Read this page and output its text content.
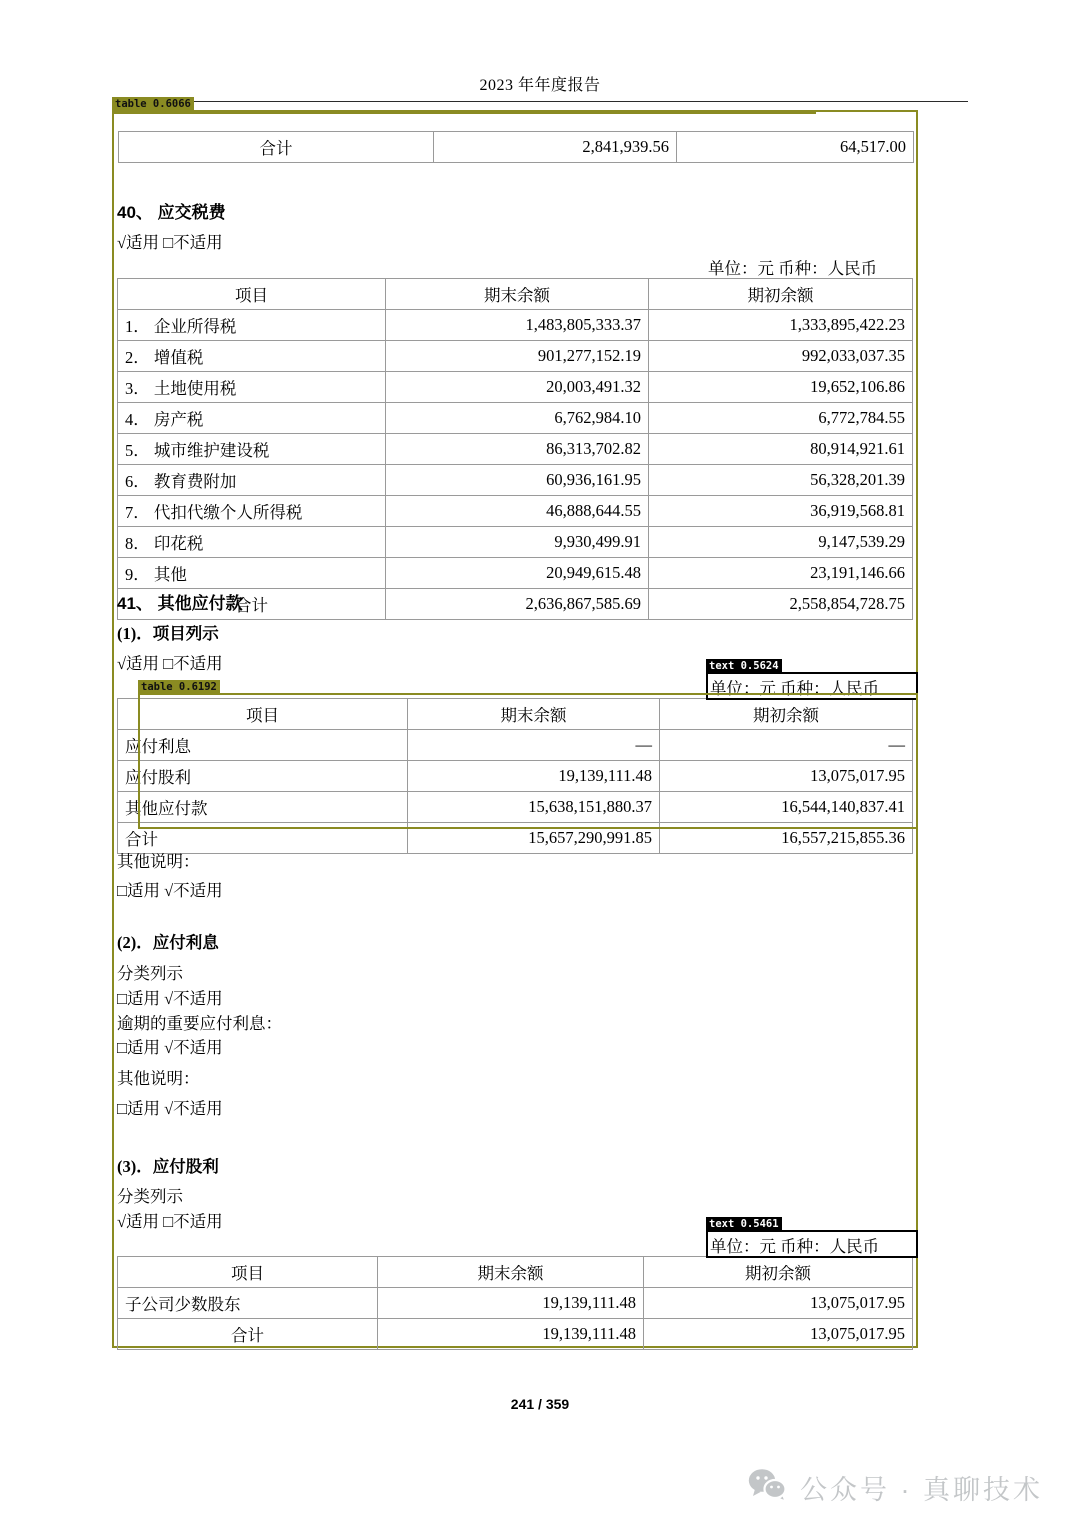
2023 年年度报告
table 0.6066
合计	2,841,939.56	64,517.00
40、 应交税费
√适用 □不适用
单位：元 币种：人民币
项目	期末余额	期初余额
1． 企业所得税	1,483,805,333.37	1,333,895,422.23
2． 增值税	901,277,152.19	992,033,037.35
3． 土地使用税	20,003,491.32	19,652,106.86
4． 房产税	6,762,984.10	6,772,784.55
5． 城市维护建设税	86,313,702.82	80,914,921.61
6． 教育费附加	60,936,161.95	56,328,201.39
7． 代扣代缴个人所得税	46,888,644.55	36,919,568.81
8． 印花税	9,930,499.91	9,147,539.29
9． 其他	20,949,615.48	23,191,146.66
合计	2,636,867,585.69	2,558,854,728.75
41、 其他应付款
(1)．项目列示
√适用 □不适用
单位：元 币种：人民币
项目	期末余额	期初余额
应付利息	—	—
应付股利	19,139,111.48	13,075,017.95
其他应付款	15,638,151,880.37	16,544,140,837.41
合计	15,657,290,991.85	16,557,215,855.36
其他说明：
□适用 √不适用
(2)．应付利息
分类列示
□适用 √不适用
逾期的重要应付利息：
□适用 √不适用
其他说明：
□适用 √不适用
(3)．应付股利
分类列示
√适用 □不适用
单位：元 币种：人民币
项目	期末余额	期初余额
子公司少数股东	19,139,111.48	13,075,017.95
合计	19,139,111.48	13,075,017.95
text 0.5624
table 0.6192
text 0.5461
241 / 359
公众号 · 真聊技术
